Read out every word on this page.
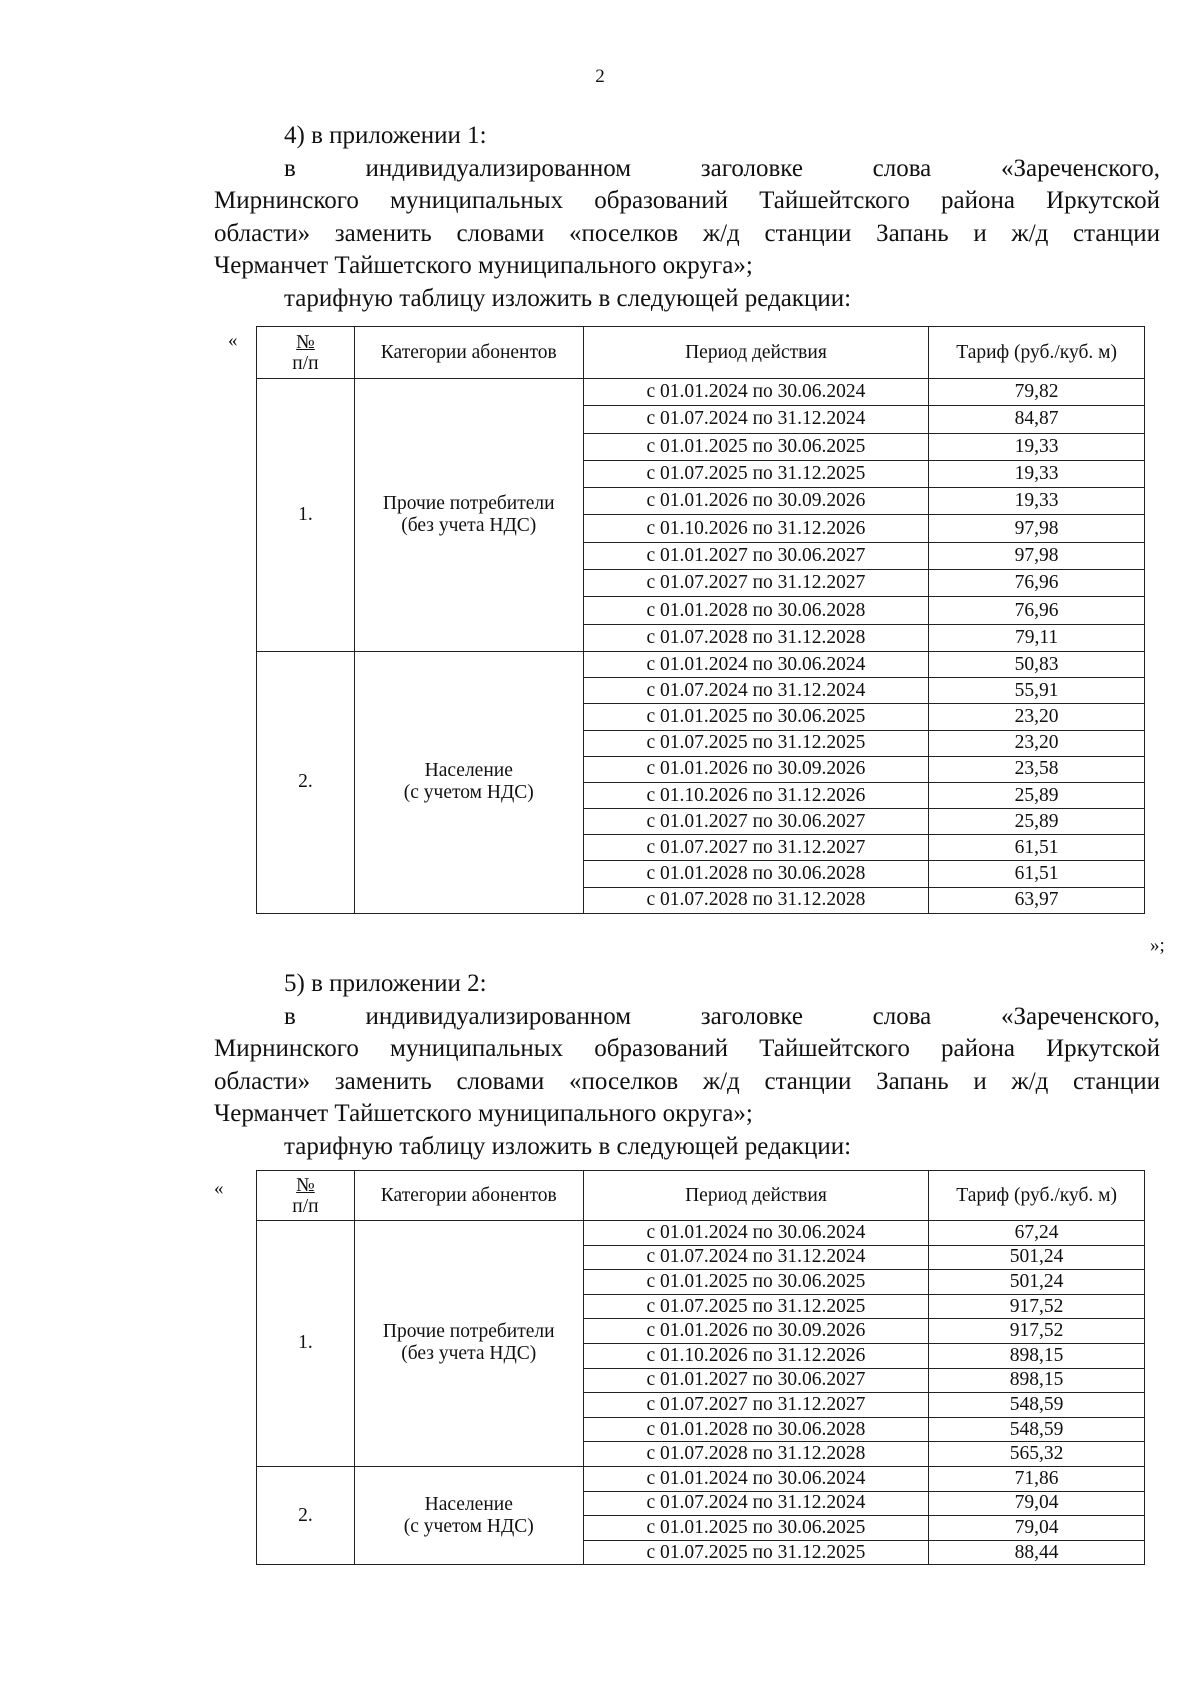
2

4) в приложении 1:

в индивидуализированном заголовке слова «Зареченского,

Мирнинского муниципальных образований Тайшейтского района Иркутской

области» заменить словами «поселков ж/д станции Запань и ж/д станции

Черманчет Тайшетского муниципального округа»;

тарифную таблицу изложить в следующей редакции:

«	№
п/п	Категории абонентов	Период действия	Тариф (руб./куб. м)
1.	Прочие потребители
(без учета НДС)	с 01.01.2024 по 30.06.2024	79,82
		с 01.07.2024 по 31.12.2024	84,87
		с 01.01.2025 по 30.06.2025	19,33
		с 01.07.2025 по 31.12.2025	19,33
		с 01.01.2026 по 30.09.2026	19,33
		с 01.10.2026 по 31.12.2026	97,98
		с 01.01.2027 по 30.06.2027	97,98
		с 01.07.2027 по 31.12.2027	76,96
		с 01.01.2028 по 30.06.2028	76,96
		с 01.07.2028 по 31.12.2028	79,11
2.	Население
(с учетом НДС)	с 01.01.2024 по 30.06.2024	50,83
		с 01.07.2024 по 31.12.2024	55,91
		с 01.01.2025 по 30.06.2025	23,20
		с 01.07.2025 по 31.12.2025	23,20
		с 01.01.2026 по 30.09.2026	23,58
		с 01.10.2026 по 31.12.2026	25,89
		с 01.01.2027 по 30.06.2027	25,89
		с 01.07.2027 по 31.12.2027	61,51
		с 01.01.2028 по 30.06.2028	61,51
		с 01.07.2028 по 31.12.2028	63,97
»;

5) в приложении 2:

в индивидуализированном заголовке слова «Зареченского,

Мирнинского муниципальных образований Тайшейтского района Иркутской

области» заменить словами «поселков ж/д станции Запань и ж/д станции

Черманчет Тайшетского муниципального округа»;

тарифную таблицу изложить в следующей редакции:

«	№
п/п	Категории абонентов	Период действия	Тариф (руб./куб. м)
1.	Прочие потребители
(без учета НДС)	с 01.01.2024 по 30.06.2024	67,24
		с 01.07.2024 по 31.12.2024	501,24
		с 01.01.2025 по 30.06.2025	501,24
		с 01.07.2025 по 31.12.2025	917,52
		с 01.01.2026 по 30.09.2026	917,52
		с 01.10.2026 по 31.12.2026	898,15
		с 01.01.2027 по 30.06.2027	898,15
		с 01.07.2027 по 31.12.2027	548,59
		с 01.01.2028 по 30.06.2028	548,59
		с 01.07.2028 по 31.12.2028	565,32
2.	Население
(с учетом НДС)	с 01.01.2024 по 30.06.2024	71,86
		с 01.07.2024 по 31.12.2024	79,04
		с 01.01.2025 по 30.06.2025	79,04
		с 01.07.2025 по 31.12.2025	88,44
